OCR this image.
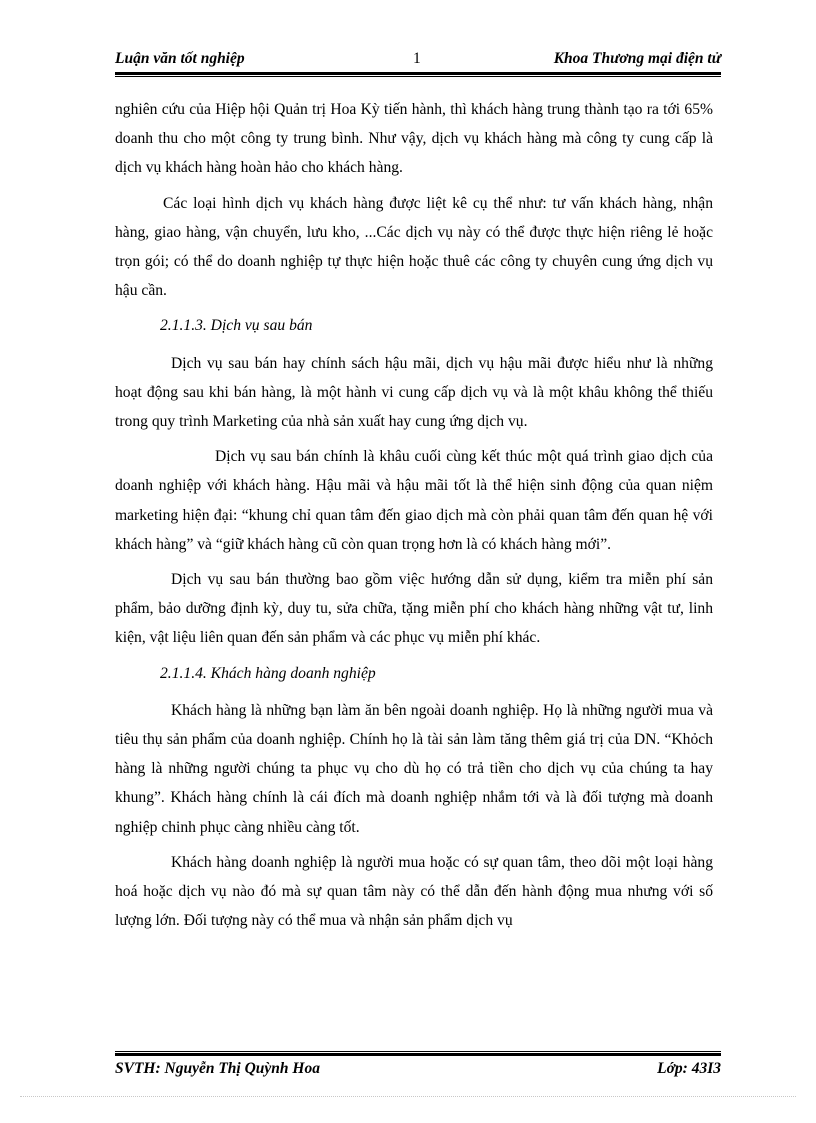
Luận văn tốt nghiệp	1	Khoa Thương mại điện tử

nghiên cứu của Hiệp hội Quản trị Hoa Kỳ tiến hành, thì khách hàng trung thành tạo ra tới 65% doanh thu cho một công ty trung bình. Như vậy, dịch vụ khách hàng mà công ty cung cấp là dịch vụ khách hàng hoàn hảo cho khách hàng.

Các loại hình dịch vụ khách hàng được liệt kê cụ thể như: tư vấn khách hàng, nhận hàng, giao hàng, vận chuyển, lưu kho, ...Các dịch vụ này có thể được thực hiện riêng lẻ hoặc trọn gói; có thể do doanh nghiệp tự thực hiện hoặc thuê các công ty chuyên cung ứng dịch vụ hậu cần.

2.1.1.3. Dịch vụ sau bán

Dịch vụ sau bán hay chính sách hậu mãi, dịch vụ hậu mãi được hiểu như là những hoạt động sau khi bán hàng, là một hành vi cung cấp dịch vụ và là một khâu không thể thiếu trong quy trình Marketing của nhà sản xuất hay cung ứng dịch vụ.

Dịch vụ sau bán chính là khâu cuối cùng kết thúc một quá trình giao dịch của doanh nghiệp với khách hàng. Hậu mãi và hậu mãi tốt là thể hiện sinh động của quan niệm marketing hiện đại: “khung chỉ quan tâm đến giao dịch mà còn phải quan tâm đến quan hệ với khách hàng” và “giữ khách hàng cũ còn quan trọng hơn là có khách hàng mới”.

Dịch vụ sau bán thường bao gồm việc hướng dẫn sử dụng, kiểm tra miễn phí sản phẩm, bảo dưỡng định kỳ, duy tu, sửa chữa, tặng miễn phí cho khách hàng những vật tư, linh kiện, vật liệu liên quan đến sản phẩm và các phục vụ miễn phí khác.

2.1.1.4. Khách hàng doanh nghiệp

Khách hàng là những bạn làm ăn bên ngoài doanh nghiệp. Họ là những người mua và tiêu thụ sản phẩm của doanh nghiệp. Chính họ là tài sản làm tăng thêm giá trị của DN. “Khỏch hàng là những người chúng ta phục vụ cho dù họ có trả tiền cho dịch vụ của chúng ta hay khung”. Khách hàng chính là cái đích mà doanh nghiệp nhắm tới và là đối tượng mà doanh nghiệp chinh phục càng nhiều càng tốt.

Khách hàng doanh nghiệp là người mua hoặc có sự quan tâm, theo dõi một loại hàng hoá hoặc dịch vụ nào đó mà sự quan tâm này có thể dẫn đến hành động mua nhưng với số lượng lớn. Đối tượng này có thể mua và nhận sản phẩm dịch vụ

SVTH: Nguyễn Thị Quỳnh Hoa	Lớp: 43I3
